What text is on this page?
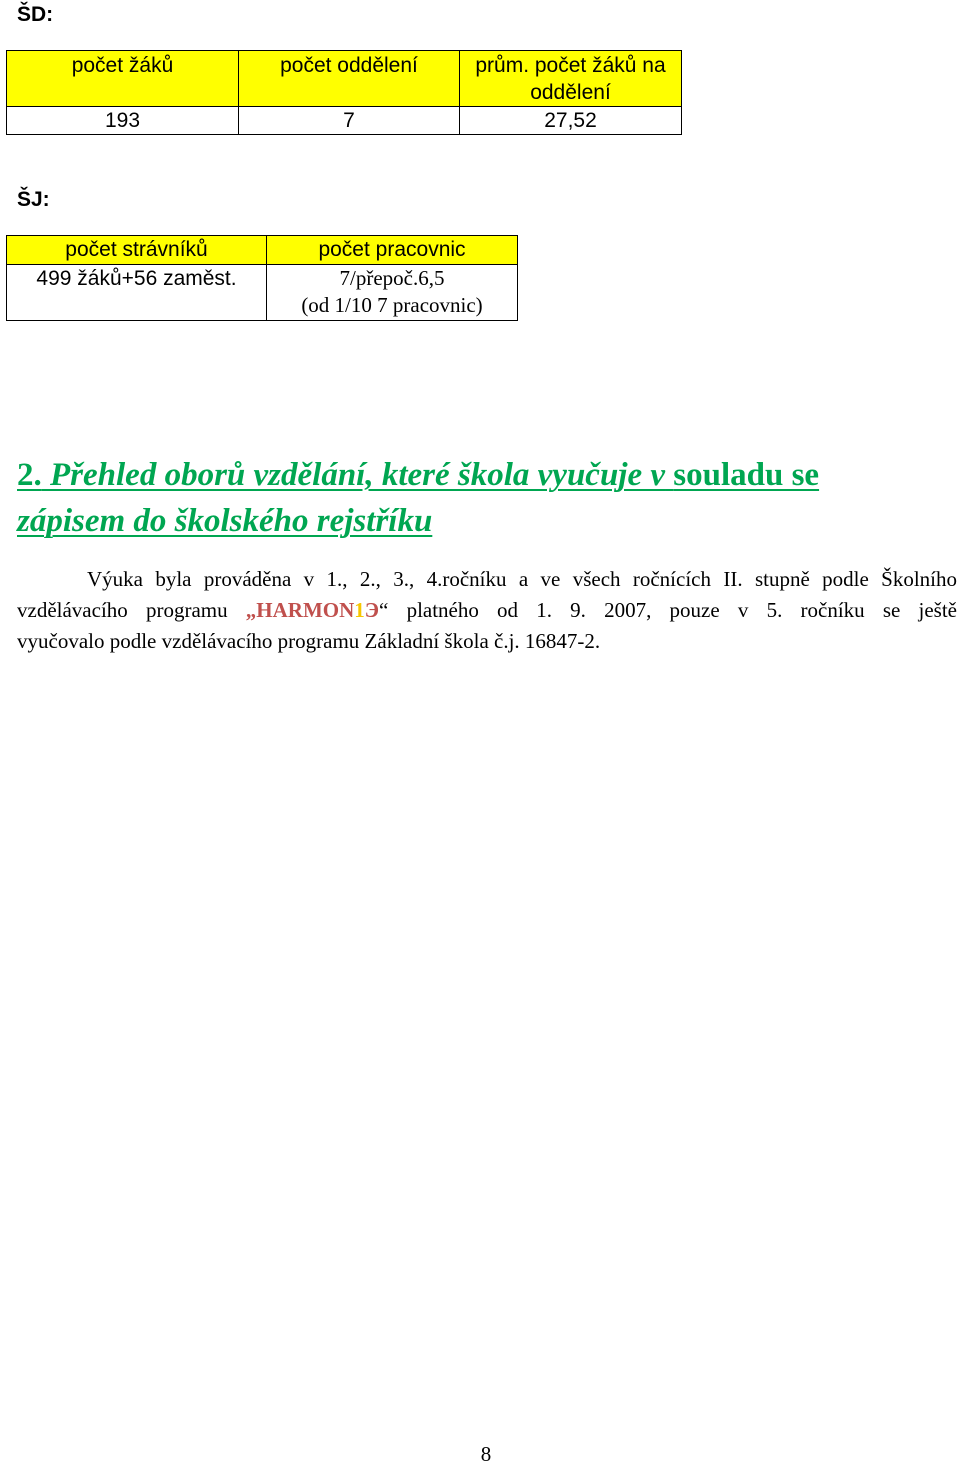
ŠD:
počet žáků	počet oddělení	prům. počet žáků na oddělení
193	7	27,52
ŠJ:
počet strávníků	počet pracovnic
499 žáků+56 zaměst.	7/přepoč.6,5
(od 1/10 7 pracovnic)
2. Přehled oborů vzdělání, které škola vyučuje v souladu se
zápisem do školského rejstříku
Výuka byla prováděna v 1., 2., 3., 4.ročníku a ve všech ročnících II. stupně podle Školního
vzdělávacího programu „HARMON1Э“ platného od 1. 9. 2007, pouze v 5. ročníku se ještě
vyučovalo podle vzdělávacího programu Základní škola č.j. 16847-2.
8
